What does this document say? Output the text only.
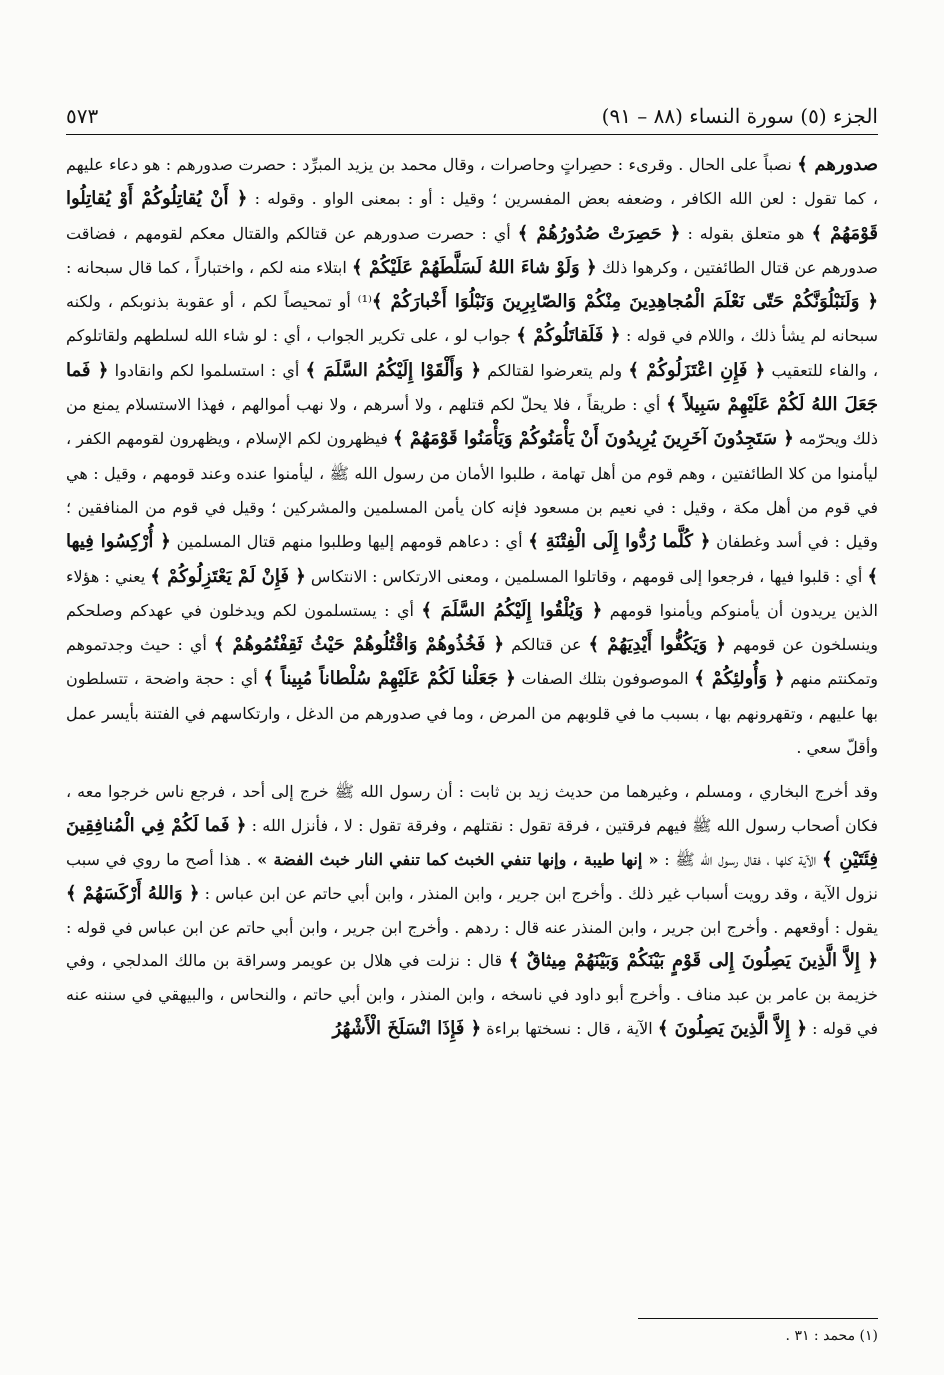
الجزء (٥) سورة النساء (٨٨ – ٩١)
٥٧٣

صدورهم ﴾ نصباً على الحال . وقرىء : حصِراتٍ وحاصرات ، وقال محمد بن يزيد المبرِّد : حصرت صدورهم : هو دعاء عليهم ، كما تقول : لعن الله الكافر ، وضعفه بعض المفسرين ؛ وقيل : أو : بمعنى الواو . وقوله : ﴿ أَنْ يُقاتِلُوكُمْ أَوْ يُقاتِلُوا قَوْمَهُمْ ﴾ هو متعلق بقوله : ﴿ حَصِرَتْ صُدُورُهُمْ ﴾ أي : حصرت صدورهم عن قتالكم والقتال معكم لقومهم ، فضاقت صدورهم عن قتال الطائفتين ، وكرهوا ذلك ﴿ وَلَوْ شاءَ اللهُ لَسَلَّطَهُمْ عَلَيْكُمْ ﴾ ابتلاء منه لكم ، واختباراً ، كما قال سبحانه : ﴿ وَلَنَبْلُوَنَّكُمْ حَتّى نَعْلَمَ الْمُجاهِدِينَ مِنْكُمْ وَالصّابِرِينَ وَنَبْلُوَا أَخْبارَكُمْ ﴾⁽¹⁾ أو تمحيصاً لكم ، أو عقوبة بذنوبكم ، ولكنه سبحانه لم يشأ ذلك ، واللام في قوله : ﴿ فَلَقاتَلُوكُمْ ﴾ جواب لو ، على تكرير الجواب ، أي : لو شاء الله لسلطهم ولقاتلوكم ، والفاء للتعقيب ﴿ فَإِنِ اعْتَزَلُوكُمْ ﴾ ولم يتعرضوا لقتالكم ﴿ وَأَلْقَوْا إِلَيْكُمُ السَّلَمَ ﴾ أي : استسلموا لكم وانقادوا ﴿ فَما جَعَلَ اللهُ لَكُمْ عَلَيْهِمْ سَبِيلاً ﴾ أي : طريقاً ، فلا يحلّ لكم قتلهم ، ولا أسرهم ، ولا نهب أموالهم ، فهذا الاستسلام يمنع من ذلك ويحرّمه ﴿ سَتَجِدُونَ آخَرِينَ يُرِيدُونَ أَنْ يَأْمَنُوكُمْ وَيَأْمَنُوا قَوْمَهُمْ ﴾ فيظهرون لكم الإسلام ، ويظهرون لقومهم الكفر ، ليأمنوا من كلا الطائفتين ، وهم قوم من أهل تهامة ، طلبوا الأمان من رسول الله ﷺ ، ليأمنوا عنده وعند قومهم ، وقيل : هي في قوم من أهل مكة ، وقيل : في نعيم بن مسعود فإنه كان يأمن المسلمين والمشركين ؛ وقيل في قوم من المنافقين ؛ وقيل : في أسد وغطفان ﴿ كُلَّما رُدُّوا إِلَى الْفِتْنَةِ ﴾ أي : دعاهم قومهم إليها وطلبوا منهم قتال المسلمين ﴿ أُرْكِسُوا فِيها ﴾ أي : قلبوا فيها ، فرجعوا إلى قومهم ، وقاتلوا المسلمين ، ومعنى الارتكاس : الانتكاس ﴿ فَإِنْ لَمْ يَعْتَزِلُوكُمْ ﴾ يعني : هؤلاء الذين يريدون أن يأمنوكم ويأمنوا قومهم ﴿ وَيُلْقُوا إِلَيْكُمُ السَّلَمَ ﴾ أي : يستسلمون لكم ويدخلون في عهدكم وصلحكم وينسلخون عن قومهم ﴿ وَيَكُفُّوا أَيْدِيَهُمْ ﴾ عن قتالكم ﴿ فَخُذُوهُمْ وَاقْتُلُوهُمْ حَيْثُ ثَقِفْتُمُوهُمْ ﴾ أي : حيث وجدتموهم وتمكنتم منهم ﴿ وَأُولئِكُمْ ﴾ الموصوفون بتلك الصفات ﴿ جَعَلْنا لَكُمْ عَلَيْهِمْ سُلْطاناً مُبِيناً ﴾ أي : حجة واضحة ، تتسلطون بها عليهم ، وتقهرونهم بها ، بسبب ما في قلوبهم من المرض ، وما في صدورهم من الدغل ، وارتكاسهم في الفتنة بأيسر عمل وأقلّ سعي .

وقد أخرج البخاري ، ومسلم ، وغيرهما من حديث زيد بن ثابت : أن رسول الله ﷺ خرج إلى أحد ، فرجع ناس خرجوا معه ، فكان أصحاب رسول الله ﷺ فيهم فرقتين ، فرقة تقول : نقتلهم ، وفرقة تقول : لا ، فأنزل الله : ﴿ فَما لَكُمْ فِي الْمُنافِقِينَ فِئَتَيْنِ ﴾ الآية كلها ، فقال رسول الله ﷺ : « إنها طيبة ، وإنها تنفي الخبث كما تنفي النار خبث الفضة » . هذا أصح ما روي في سبب نزول الآية ، وقد رويت أسباب غير ذلك . وأخرج ابن جرير ، وابن المنذر ، وابن أبي حاتم عن ابن عباس : ﴿ وَاللهُ أَرْكَسَهُمْ ﴾ يقول : أوقعهم . وأخرج ابن جرير ، وابن المنذر عنه قال : ردهم . وأخرج ابن جرير ، وابن أبي حاتم عن ابن عباس في قوله : ﴿ إِلاَّ الَّذِينَ يَصِلُونَ إِلى قَوْمٍ بَيْنَكُمْ وَبَيْنَهُمْ مِيثاقٌ ﴾ قال : نزلت في هلال بن عويمر وسراقة بن مالك المدلجي ، وفي خزيمة بن عامر بن عبد مناف . وأخرج أبو داود في ناسخه ، وابن المنذر ، وابن أبي حاتم ، والنحاس ، والبيهقي في سننه عنه في قوله : ﴿ إِلاَّ الَّذِينَ يَصِلُونَ ﴾ الآية ، قال : نسختها براءة ﴿ فَإِذَا انْسَلَخَ الْأَشْهُرُ

(١) محمد : ٣١ .
